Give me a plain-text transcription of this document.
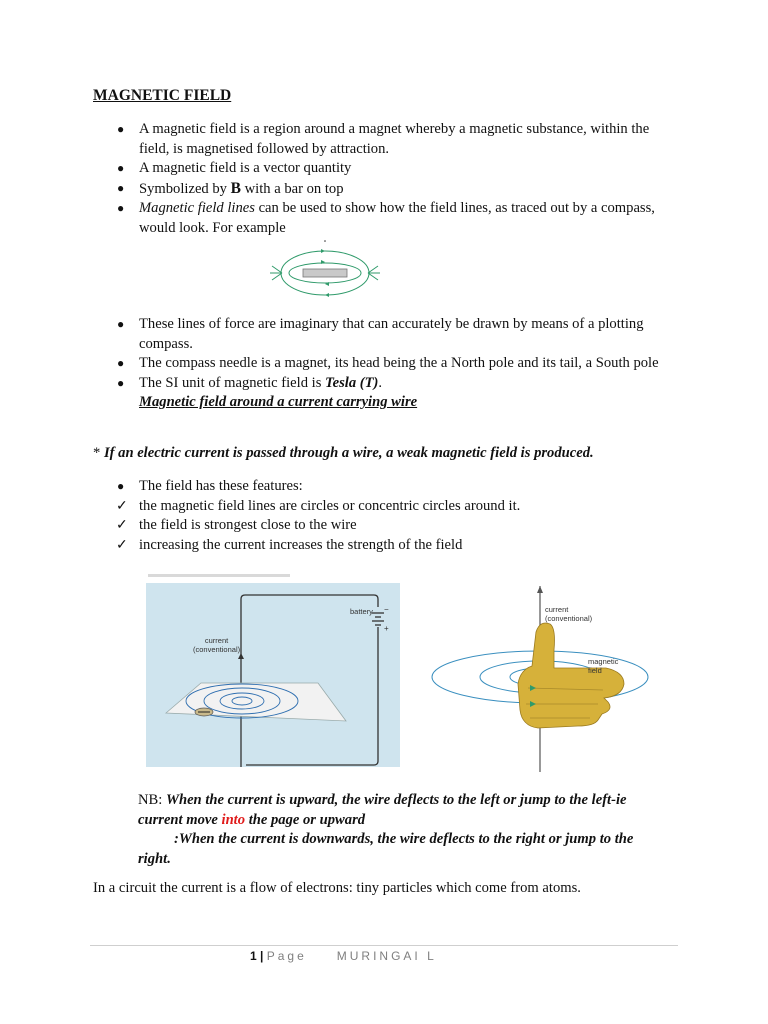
MAGNETIC FIELD
● A magnetic field is a region around a magnet whereby a magnetic substance, within the field, is magnetised followed by attraction.
● A magnetic field is a vector quantity
● Symbolized by B with a bar on top
● Magnetic field lines can be used to show how the field lines, as traced out by a compass, would look. For example
● These lines of force are imaginary that can accurately be drawn by means of a plotting compass.
● The compass needle is a magnet, its head being the a North pole and its tail, a South pole
● The SI unit of magnetic field is Tesla (T).
Magnetic field around a current carrying wire
* If an electric current is passed through a wire, a weak magnetic field is produced.
● The field has these features:
✓ the magnetic field lines are circles or concentric circles around it.
✓ the field is strongest close to the wire
✓ increasing the current increases the strength of the field
current
(conventional)
battery −
+
current
(conventional)
magnetic
field
NB: When the current is upward, the wire deflects to the left or jump to the left-ie current move into the page or upward
:When the current is downwards, the wire deflects to the right or jump to the right.
In a circuit the current is a flow of electrons: tiny particles which come from atoms.
1 | Page	MURINGAI L
